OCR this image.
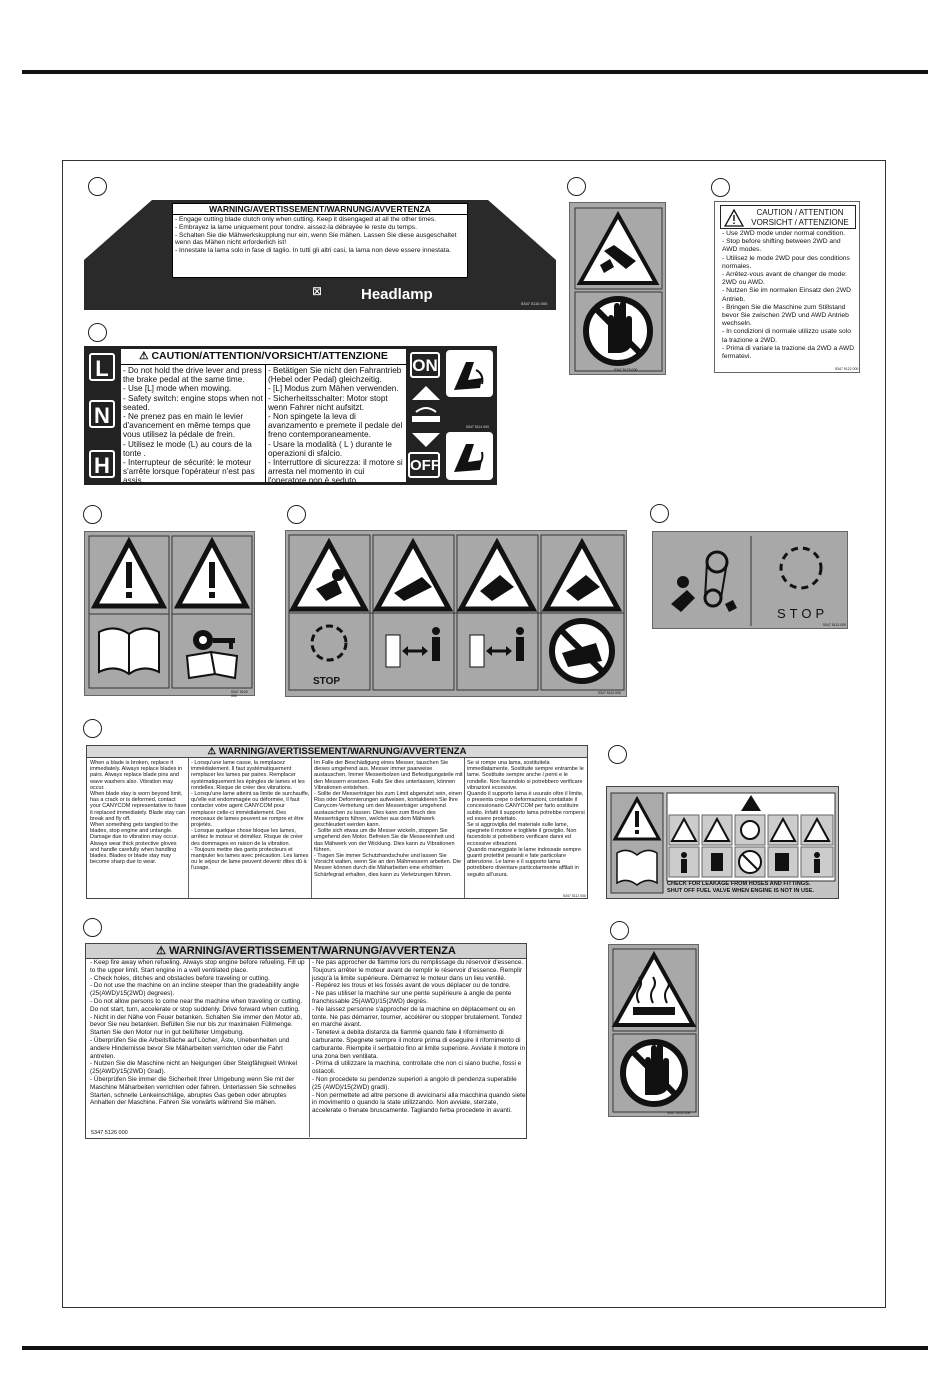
WARNING/AVERTISSEMENT/WARNUNG/AVVERTENZA

- Engage cutting blade clutch only when cutting. Keep it disengaged at all the other times.

- Embrayez la lame uniquement pour tondre. aissez-la débrayée le reste du temps.

- Schalten Sie die Mähwerkskupplung nur ein, wenn Sie mähen. Lassen Sie diese ausgeschaltet wenn das Mähen nicht erforderlich ist!

- Innestate la lama solo in fase di taglio. In tutti gli altri casi, la lama non deve essere innestata.

⊠	Headlamp
5347 5116 000
5347 5125 000
CAUTION / ATTENTION
VORSICHT / ATTENZIONE
- Use 2WD mode under normal condition.
- Stop before shifting between 2WD and AWD modes.
- Utilisez le mode 2WD pour des conditions normales.
- Arrêtez-vous avant de changer de mode: 2WD ou AWD.
- Nutzen Sie im normalen Einsatz den 2WD Antrieb.
- Bringen Sie die Maschine zum Stillstand bevor Sie zwischen 2WD und AWD Antrieb wechseln.
- In condizioni di normale utilizzo usate solo la trazione a 2WD.
- Prima di variare la trazione da 2WD a AWD fermatevi.
5347 5122 000
L
N
H
⚠ CAUTION/ATTENTION/VORSICHT/ATTENZIONE
- Do not hold the drive lever and press the brake pedal at the same time.
- Use [L] mode when mowing.
- Safety switch: engine stops when not seated.
- Ne prenez pas en main le levier d'avancement en même temps que vous utilisez la pédale de frein.
- Utilisez le mode (L) au cours de la tonte .
- Interrupteur de sécurité: le moteur s'arrête lorsque l'opérateur n'est pas assis.
- Betätigen Sie nicht den Fahrantrieb (Hebel oder Pedal) gleichzeitig.
- [L] Modus zum Mähen verwenden.
- Sicherheitsschalter: Motor stopt wenn Fahrer nicht aufsitzt.
- Non spingete la leva di avanzamento e premete il pedale del freno contemporaneamente.
- Usare la modalità ( L ) durante le operazioni di sfalcio.
- Interruttore di sicurezza: il motore si arresta nel momento in cui l'operatore non è seduto.
ON
OFF
5347 5114 000
5347 5109 000
STOP
5347 5110 000
STOP
5347 5113 000
⚠ WARNING/AVERTISSEMENT/WARNUNG/AVVERTENZA
When a blade is broken, replace it immediately. Always replace blades in pairs. Always replace blade pins and wave washers also. Vibration may occur.
When blade stay is worn beyond limit, has a crack or is deformed, contact your CANYCOM representative to have it replaced immediately. Blade stay can break and fly off.
When something gets tangled to the blades, stop engine and untangle. Damage due to vibration may occur.
Always wear thick protective gloves and handle carefully when handling blades. Blades or blade stay may become sharp due to wear.
- Lorsqu'une lame casse, la remplacez immédiatement. Il faut systématiquement remplacer les lames par paires. Remplacer systématiquement les épingles de lames et les rondelles. Risque de créer des vibrations.
- Lorsqu'une lame atteint sa limite de surchauffe, qu'elle est endommagée ou déformée, il faut contacter votre agent CANYCOM pour remplacer celle-ci immédiatement. Des morceaux de lames peuvent se rompre et être projetés.
- Lorsque quelque chose bloque les lames, arrêtez le moteur et démêlez. Risque de créer des dommages en raison de la vibration.
- Toujours mettre des gants protecteurs et manipuler les lames avec précaution. Les lames ou le séjour de lame peuvent devenir dites dû à l'usage.
Im Falle der Beschädigung eines Messer, tauschen Sie dieses umgehend aus. Messer immer paarweise austauschen. Immer Messerbolzen und Befestigungsteile mit den Messern ersetzen. Falls Sie dies unterlassen, können Vibrationen entstehen.
- Sollte der Messerträger bis zum Limit abgenutzt sein, einen Riss oder Deformierungen aufweisen, kontaktieren Sie Ihre Canycom-Vertretung um den Messerträger umgehend austauschen zu lassen. Dies kann zum Bruch des Messerträgers führen, welcher aus dem Mähwerk geschleudert werden kann.
- Sollte sich etwas um die Messer wickeln, stoppen Sie umgehend den Motor. Befreien Sie die Messereinheit und das Mähwerk von der Wicklung. Dies kann zu Vibrationen führen.
- Tragen Sie immer Schutzhandschuhe und lassen Sie Vorsicht walten, wenn Sie an den Mähmessern arbeiten. Die Messer können durch die Mäharbeiten eine erhöhten Schärfegrad erhalten, dies kann zu Verletzungen führen.
Se si rompe una lama, sostituitela immediatamente. Sostituite sempre entrambe le lame. Sostituite sempre anche i perni e le rondelle. Non facendolo si potrebbero verificare vibrazioni eccessive.
Quando il supporto lama è usurato oltre il limite, o presenta crepe o deformazioni, contattate il concessionario CANYCOM per farlo sostituire subito. Infatti il supporto lama potrebbe rompersi ed essere proiettato.
Se si aggroviglia del materiale sulle lame, spegnete il motore e toglilete il groviglio. Non facendolo si potrebbero verificare danni ed eccessive vibrazioni.
Quando maneggiate le lame indossate sempre guanti protettivi pesanti e fate particolare attenzione. Le lame e il supporto lama potrebbero diventare particolarmente affilati in seguito all'usura.
5347 5112 000
CHECK FOR LEAKAGE FROM HOSES AND FITTINGS.
SHUT OFF FUEL VALVE WHEN ENGINE IS NOT IN USE.
⚠ WARNING/AVERTISSEMENT/WARNUNG/AVVERTENZA
- Keep fire away when refueling. Always stop engine before refueling. Fill up to the upper limit. Start engine in a well ventilated place.
- Check holes, ditches and obstacles before traveling or cutting.
- Do not use the machine on an incline steeper than the gradeability angle (25(AWD)/15(2WD) degrees).
- Do not allow persons to come near the machine when traveling or cutting. Do not start, turn, accelerate or stop suddenly. Drive forward when cutting.
- Nicht in der Nähe von Feuer betanken. Schalten Sie immer den Motor ab, bevor Sie neu betanken. Befüllen Sie nur bis zur maximalen Füllmenge. Starten Sie den Motor nur in gut belüfteter Umgebung.
- Überprüfen Sie die Arbeitsfläche auf Löcher, Äste, Unebenheiten und andere Hindernisse bevor Sie Mäharbeiten verrichten oder die Fahrt antreten.
- Nutzen Sie die Maschine nicht an Neigungen über Steigfähigkeit Winkel (25(AWD)/15(2WD) Grad).
- Überprüfen Sie immer die Sicherheit Ihrer Umgebung wenn Sie mit der Maschine Mäharbeiten verrichten oder fahren. Unterlassen Sie schnelles Starten, schnelle Lenkeinschläge, abruptes Gas geben oder abruptes Anhalten der Maschine. Fahren Sie vorwärts während Sie mähen.
- Ne pas approcher de flamme lors du remplissage du réservoir d'essence. Toujours arrêter le moteur avant de remplir le réservoir d'essence. Remplir jusqu'à la limite supérieure. Démarrez le moteur dans un lieu ventilé.
- Repérez les trous et les fossés avant de vous déplacer ou de tondre.
- Ne pas utiliser la machine sur une pente supérieure à angle de pente franchissable 25(AWD)/15(2WD) degrés.
- Ne laissez personne s'approcher de la machine en déplacement ou en tonte. Ne pas démarrer, tourner, accélérer ou stopper brutalement. Tondez en marche avant.
- Tenetevi a debita distanza da fiamme quando fate il rifornimento di carburante. Spegnete sempre il motore prima di eseguire il rifornimento di carburante. Riempite il serbatoio fino al limite superiore. Avviate il motore in una zona ben ventilata.
- Prima di utilizzare la machina, controllate che non ci siano buche, fossi e ostacoli.
- Non procedete su pendenze superiori a angolo di pendenza superabile (25 (AWD)/15(2WD) gradi).
- Non permettete ad altre persone di avvicinarsi alla macchina quando siete in movimento o quando la state utilizzando. Non avviate, sterzate, accelerate o frenate bruscamente. Tagliando ferba procedete in avanti.
5347 5126 000
5347 5102 000
